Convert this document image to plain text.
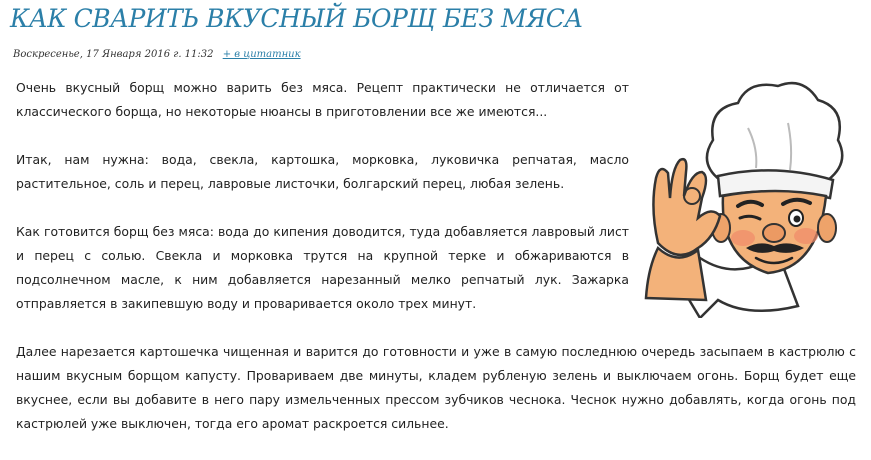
КАК СВАРИТЬ ВКУСНЫЙ БОРЩ БЕЗ МЯСА
Воскресенье, 17 Января 2016 г. 11:32 + в цитатник

Очень вкусный борщ можно варить без мяса. Рецепт практически не отличается от классического борща, но некоторые нюансы в приготовлении все же имеются...

Итак, нам нужна: вода, свекла, картошка, морковка, луковичка репчатая, масло растительное, соль и перец, лавровые листочки, болгарский перец, любая зелень.

Как готовится борщ без мяса: вода до кипения доводится, туда добавляется лавровый лист и перец с солью. Свекла и морковка трутся на крупной терке и обжариваются в подсолнечном масле, к ним добавляется нарезанный мелко репчатый лук. Зажарка отправляется в закипевшую воду и проваривается около трех минут.

Далее нарезается картошечка чищенная и варится до готовности и уже в самую последнюю очередь засыпаем в кастрюлю с нашим вкусным борщом капусту. Провариваем две минуты, кладем рубленую зелень и выключаем огонь. Борщ будет еще вкуснее, если вы добавите в него пару измельченных прессом зубчиков чеснока. Чеснок нужно добавлять, когда огонь под кастрюлей уже выключен, тогда его аромат раскроется сильнее.
